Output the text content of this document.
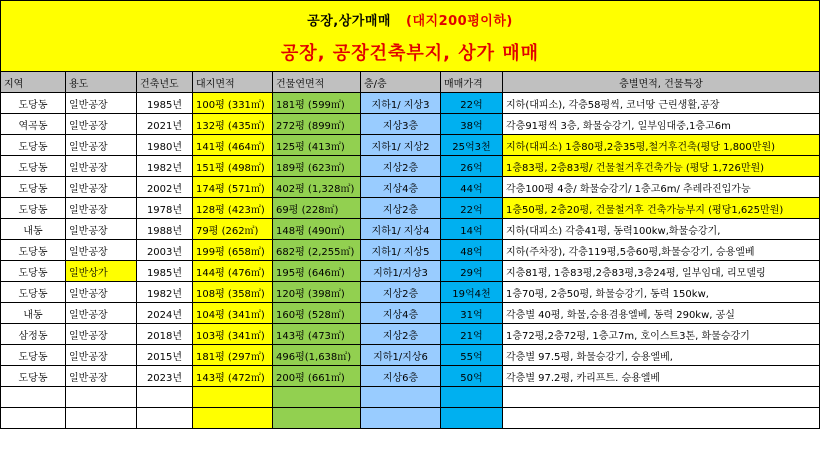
공장,상가매매 (대지200평이하)
공장, 공장건축부지, 상가 매매
지역	용도	건축년도	대지면적	건물연면적	층/층	매매가격	층별면적, 건물특장
도당동	일반공장	1985년	100평 (331㎡)	181평 (599㎡)	지하1/ 지상3	22억	지하(대피소), 각층58평씩, 코너땅 근린생활,공장
역곡동	일반공장	2021년	132평 (435㎡)	272평 (899㎡)	지상3층	38억	각층91평씩 3층, 화물승강기, 일부임대중,1층고6m
도당동	일반공장	1980년	141평 (464㎡)	125평 (413㎡)	지하1/ 지상2	25억3천	지하(대피소) 1층80평,2층35평,철거후건축(평당 1,800만원)
도당동	일반공장	1982년	151평 (498㎡)	189평 (623㎡)	지상2층	26억	1층83평, 2층83평/ 건물철거후건축가능 (평당 1,726만원)
도당동	일반공장	2002년	174평 (571㎡)	402평 (1,328㎡)	지상4층	44억	각층100평 4층/ 화물승강기/ 1층고6m/ 추레라진입가능
도당동	일반공장	1978년	128평 (423㎡)	69평 (228㎡)	지상2층	22억	1층50평, 2층20평, 건물철거후 건축가능부지 (평당1,625만원)
내동	일반공장	1988년	79평 (262㎡)	148평 (490㎡)	지하1/ 지상4	14억	지하(대피소) 각층41평, 동력100kw,화물승강기,
도당동	일반공장	2003년	199평 (658㎡)	682평 (2,255㎡)	지하1/ 지상5	48억	지하(주차장), 각층119평,5층60평,화물승강기, 승용엘베
도당동	일반상가	1985년	144평 (476㎡)	195평 (646㎡)	지하1/지상3	29억	지층81평, 1층83평,2층83평,3층24평, 일부임대, 리모델링
도당동	일반공장	1982년	108평 (358㎡)	120평 (398㎡)	지상2층	19억4천	1층70평, 2층50평, 화물승강기, 동력 150kw,
내동	일반공장	2024년	104평 (341㎡)	160평 (528㎡)	지상4층	31억	각층별 40평, 화물,승용겸용엘베, 동력 290kw, 공실
삼정동	일반공장	2018년	103평 (341㎡)	143평 (473㎡)	지상2층	21억	1층72평,2층72평, 1층고7m, 호이스트3톤, 화물승강기
도당동	일반공장	2015년	181평 (297㎡)	496평(1,638㎡)	지하1/지상6	55억	각층별 97.5평, 화물승강기, 승용엘베,
도당동	일반공장	2023년	143평 (472㎡)	200평 (661㎡)	지상6층	50억	각층별 97.2평, 카리프트. 승용엘베
